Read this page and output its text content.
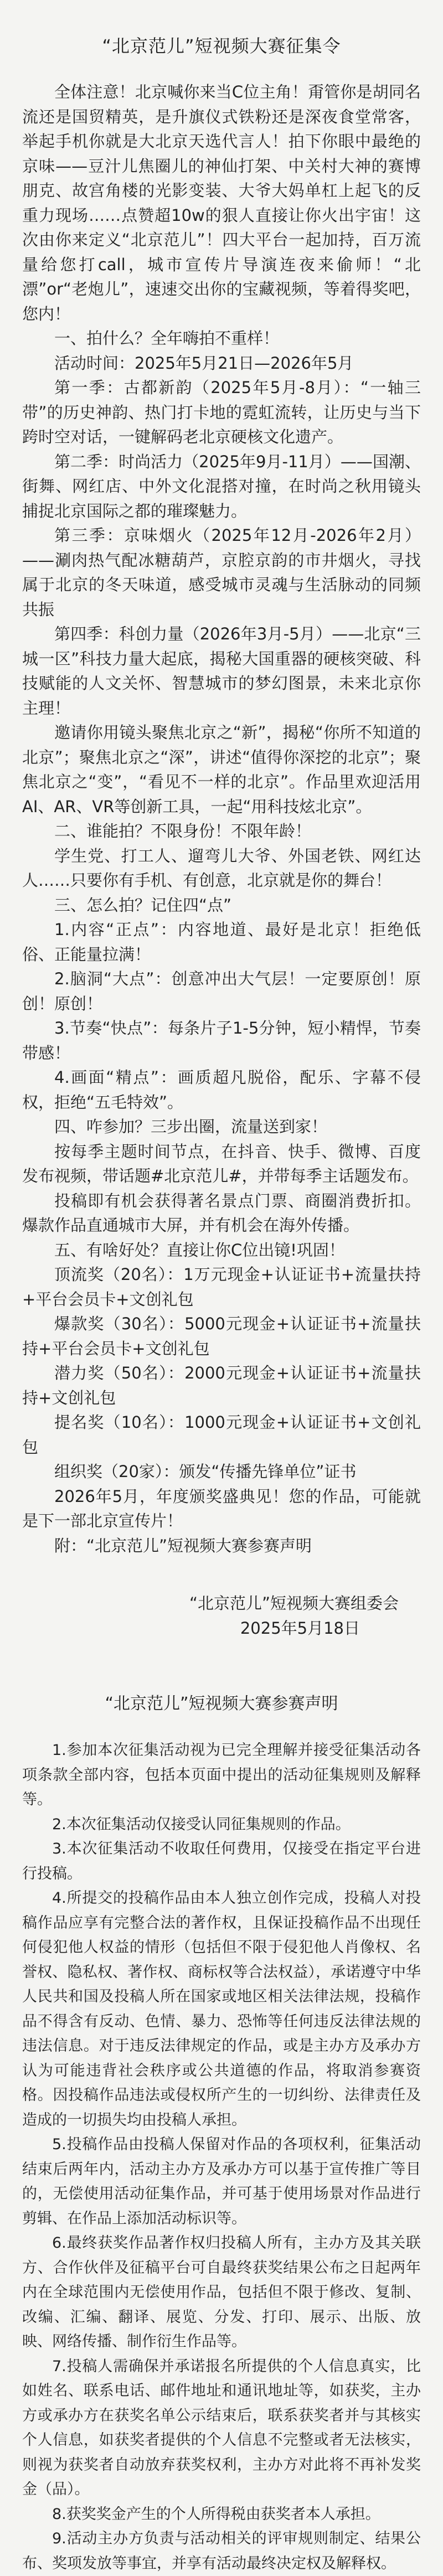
“北京范儿”短视频大赛征集令

全体注意！北京喊你来当C位主角！甭管你是胡同名流还是国贸精英，是升旗仪式铁粉还是深夜食堂常客，举起手机你就是大北京天选代言人！拍下你眼中最绝的京味——豆汁儿焦圈儿的神仙打架、中关村大神的赛博朋克、故宫角楼的光影变装、大爷大妈单杠上起飞的反重力现场……点赞超10w的狠人直接让你火出宇宙！这次由你来定义“北京范儿”！四大平台一起加持，百万流量给您打call，城市宣传片导演连夜来偷师！“北漂”or“老炮儿”，速速交出你的宝藏视频，等着得奖吧，您内！

一、拍什么？全年嗨拍不重样！

活动时间：2025年5月21日—2026年5月

第一季：古都新韵（2025年5月-8月）：“一轴三带”的历史神韵、热门打卡地的霓虹流转，让历史与当下跨时空对话，一键解码老北京硬核文化遗产。

第二季：时尚活力（2025年9月-11月）——国潮、街舞、网红店、中外文化混搭对撞，在时尚之秋用镜头捕捉北京国际之都的璀璨魅力。

第三季：京味烟火（2025年12月-2026年2月）——涮肉热气配冰糖葫芦，京腔京韵的市井烟火，寻找属于北京的冬天味道，感受城市灵魂与生活脉动的同频共振

第四季：科创力量（2026年3月-5月）——北京“三城一区”科技力量大起底，揭秘大国重器的硬核突破、科技赋能的人文关怀、智慧城市的梦幻图景，未来北京你主理！

邀请你用镜头聚焦北京之“新”，揭秘“你所不知道的北京”；聚焦北京之“深”，讲述“值得你深挖的北京”；聚焦北京之“变”，“看见不一样的北京”。作品里欢迎活用AI、AR、VR等创新工具，一起“用科技炫北京”。

二、谁能拍？不限身份！不限年龄！

学生党、打工人、遛弯儿大爷、外国老铁、网红达人……只要你有手机、有创意，北京就是你的舞台！

三、怎么拍？记住四“点”

1.内容“正点”：内容地道、最好是北京！拒绝低俗、正能量拉满！

2.脑洞“大点”：创意冲出大气层！一定要原创！原创！原创！

3.节奏“快点”：每条片子1-5分钟，短小精悍，节奏带感！

4.画面“精点”：画质超凡脱俗，配乐、字幕不侵权，拒绝“五毛特效”。

四、咋参加？三步出圈，流量送到家！

按每季主题时间节点，在抖音、快手、微博、百度发布视频，带话题#北京范儿#，并带每季主话题发布。

投稿即有机会获得著名景点门票、商圈消费折扣。爆款作品直通城市大屏，并有机会在海外传播。

五、有啥好处？直接让你C位出镜!巩固！

顶流奖（20名）：1万元现金+认证证书+流量扶持+平台会员卡+文创礼包

爆款奖（30名）：5000元现金+认证证书+流量扶持+平台会员卡+文创礼包

潜力奖（50名）：2000元现金+认证证书+流量扶持+文创礼包

提名奖（10名）：1000元现金+认证证书+文创礼包

组织奖（20家）：颁发“传播先锋单位”证书

2026年5月，年度颁奖盛典见！您的作品，可能就是下一部北京宣传片！

附：“北京范儿”短视频大赛参赛声明

“北京范儿”短视频大赛组委会
2025年5月18日
“北京范儿”短视频大赛参赛声明

1.参加本次征集活动视为已完全理解并接受征集活动各项条款全部内容，包括本页面中提出的活动征集规则及解释等。

2.本次征集活动仅接受认同征集规则的作品。

3.本次征集活动不收取任何费用，仅接受在指定平台进行投稿。

4.所提交的投稿作品由本人独立创作完成，投稿人对投稿作品应享有完整合法的著作权，且保证投稿作品不出现任何侵犯他人权益的情形（包括但不限于侵犯他人肖像权、名誉权、隐私权、著作权、商标权等合法权益），承诺遵守中华人民共和国及投稿人所在国家或地区相关法律法规，投稿作品不得含有反动、色情、暴力、恐怖等任何违反法律法规的违法信息。对于违反法律规定的作品，或是主办方及承办方认为可能违背社会秩序或公共道德的作品，将取消参赛资格。因投稿作品违法或侵权所产生的一切纠纷、法律责任及造成的一切损失均由投稿人承担。

5.投稿作品由投稿人保留对作品的各项权利，征集活动结束后两年内，活动主办方及承办方可以基于宣传推广等目的，无偿使用活动征集作品，并可基于使用场景对作品进行剪辑、在作品上添加活动标识等。

6.最终获奖作品著作权归投稿人所有，主办方及其关联方、合作伙伴及征稿平台可自最终获奖结果公布之日起两年内在全球范围内无偿使用作品，包括但不限于修改、复制、改编、汇编、翻译、展览、分发、打印、展示、出版、放映、网络传播、制作衍生作品等。

7.投稿人需确保并承诺报名所提供的个人信息真实，比如姓名、联系电话、邮件地址和通讯地址等，如获奖，主办方或承办方在获奖名单公示结束后，联系获奖者并与其核实个人信息，如获奖者提供的个人信息不完整或者无法核实，则视为获奖者自动放弃获奖权利，主办方对此将不再补发奖金（品）。

8.获奖奖金产生的个人所得税由获奖者本人承担。

9.活动主办方负责与活动相关的评审规则制定、结果公布、奖项发放等事宜，并享有活动最终决定权及解释权。
